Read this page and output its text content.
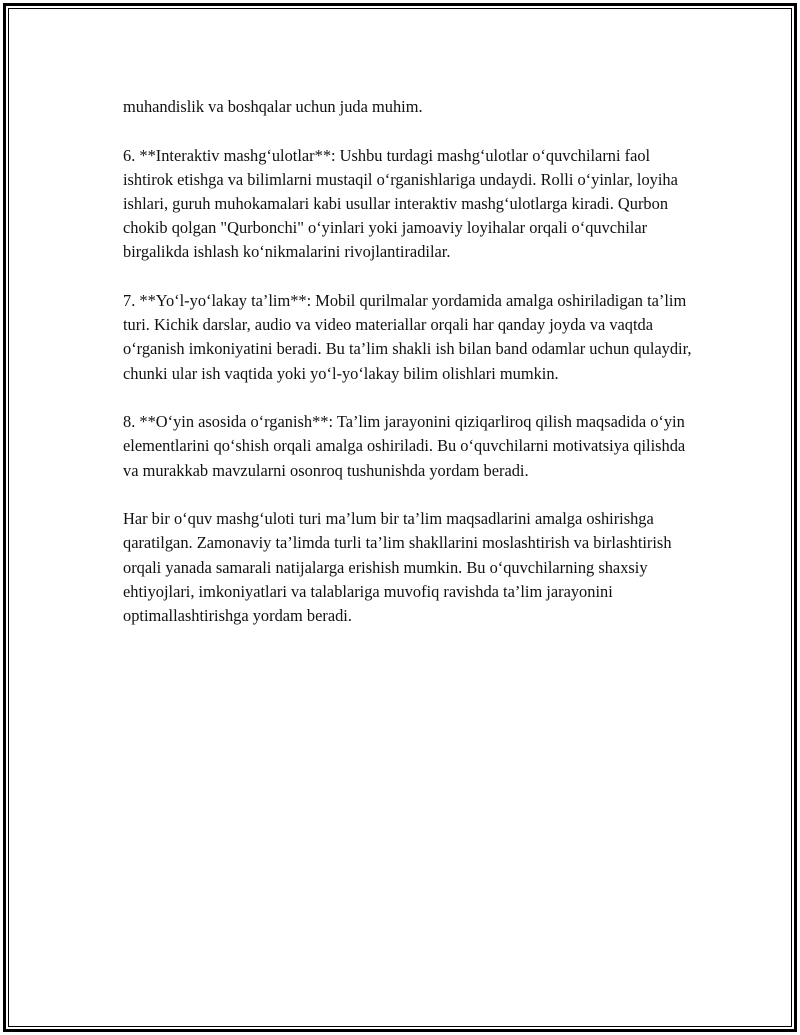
muhandislik va boshqalar uchun juda muhim.

6. **Interaktiv mashg‘ulotlar**: Ushbu turdagi mashg‘ulotlar o‘quvchilarni faol ishtirok etishga va bilimlarni mustaqil o‘rganishlariga undaydi. Rolli o‘yinlar, loyiha ishlari, guruh muhokamalari kabi usullar interaktiv mashg‘ulotlarga kiradi. Qurbon chokib qolgan "Qurbonchi" o‘yinlari yoki jamoaviy loyihalar orqali o‘quvchilar birgalikda ishlash ko‘nikmalarini rivojlantiradilar.

7. **Yo‘l-yo‘lakay ta’lim**: Mobil qurilmalar yordamida amalga oshiriladigan ta’lim turi. Kichik darslar, audio va video materiallar orqali har qanday joyda va vaqtda o‘rganish imkoniyatini beradi. Bu ta’lim shakli ish bilan band odamlar uchun qulaydir, chunki ular ish vaqtida yoki yo‘l-yo‘lakay bilim olishlari mumkin.

8. **O‘yin asosida o‘rganish**: Ta’lim jarayonini qiziqarliroq qilish maqsadida o‘yin elementlarini qo‘shish orqali amalga oshiriladi. Bu o‘quvchilarni motivatsiya qilishda va murakkab mavzularni osonroq tushunishda yordam beradi.

Har bir o‘quv mashg‘uloti turi ma’lum bir ta’lim maqsadlarini amalga oshirishga qaratilgan. Zamonaviy ta’limda turli ta’lim shakllarini moslashtirish va birlashtirish orqali yanada samarali natijalarga erishish mumkin. Bu o‘quvchilarning shaxsiy ehtiyojlari, imkoniyatlari va talablariga muvofiq ravishda ta’lim jarayonini optimallashtirishga yordam beradi.
